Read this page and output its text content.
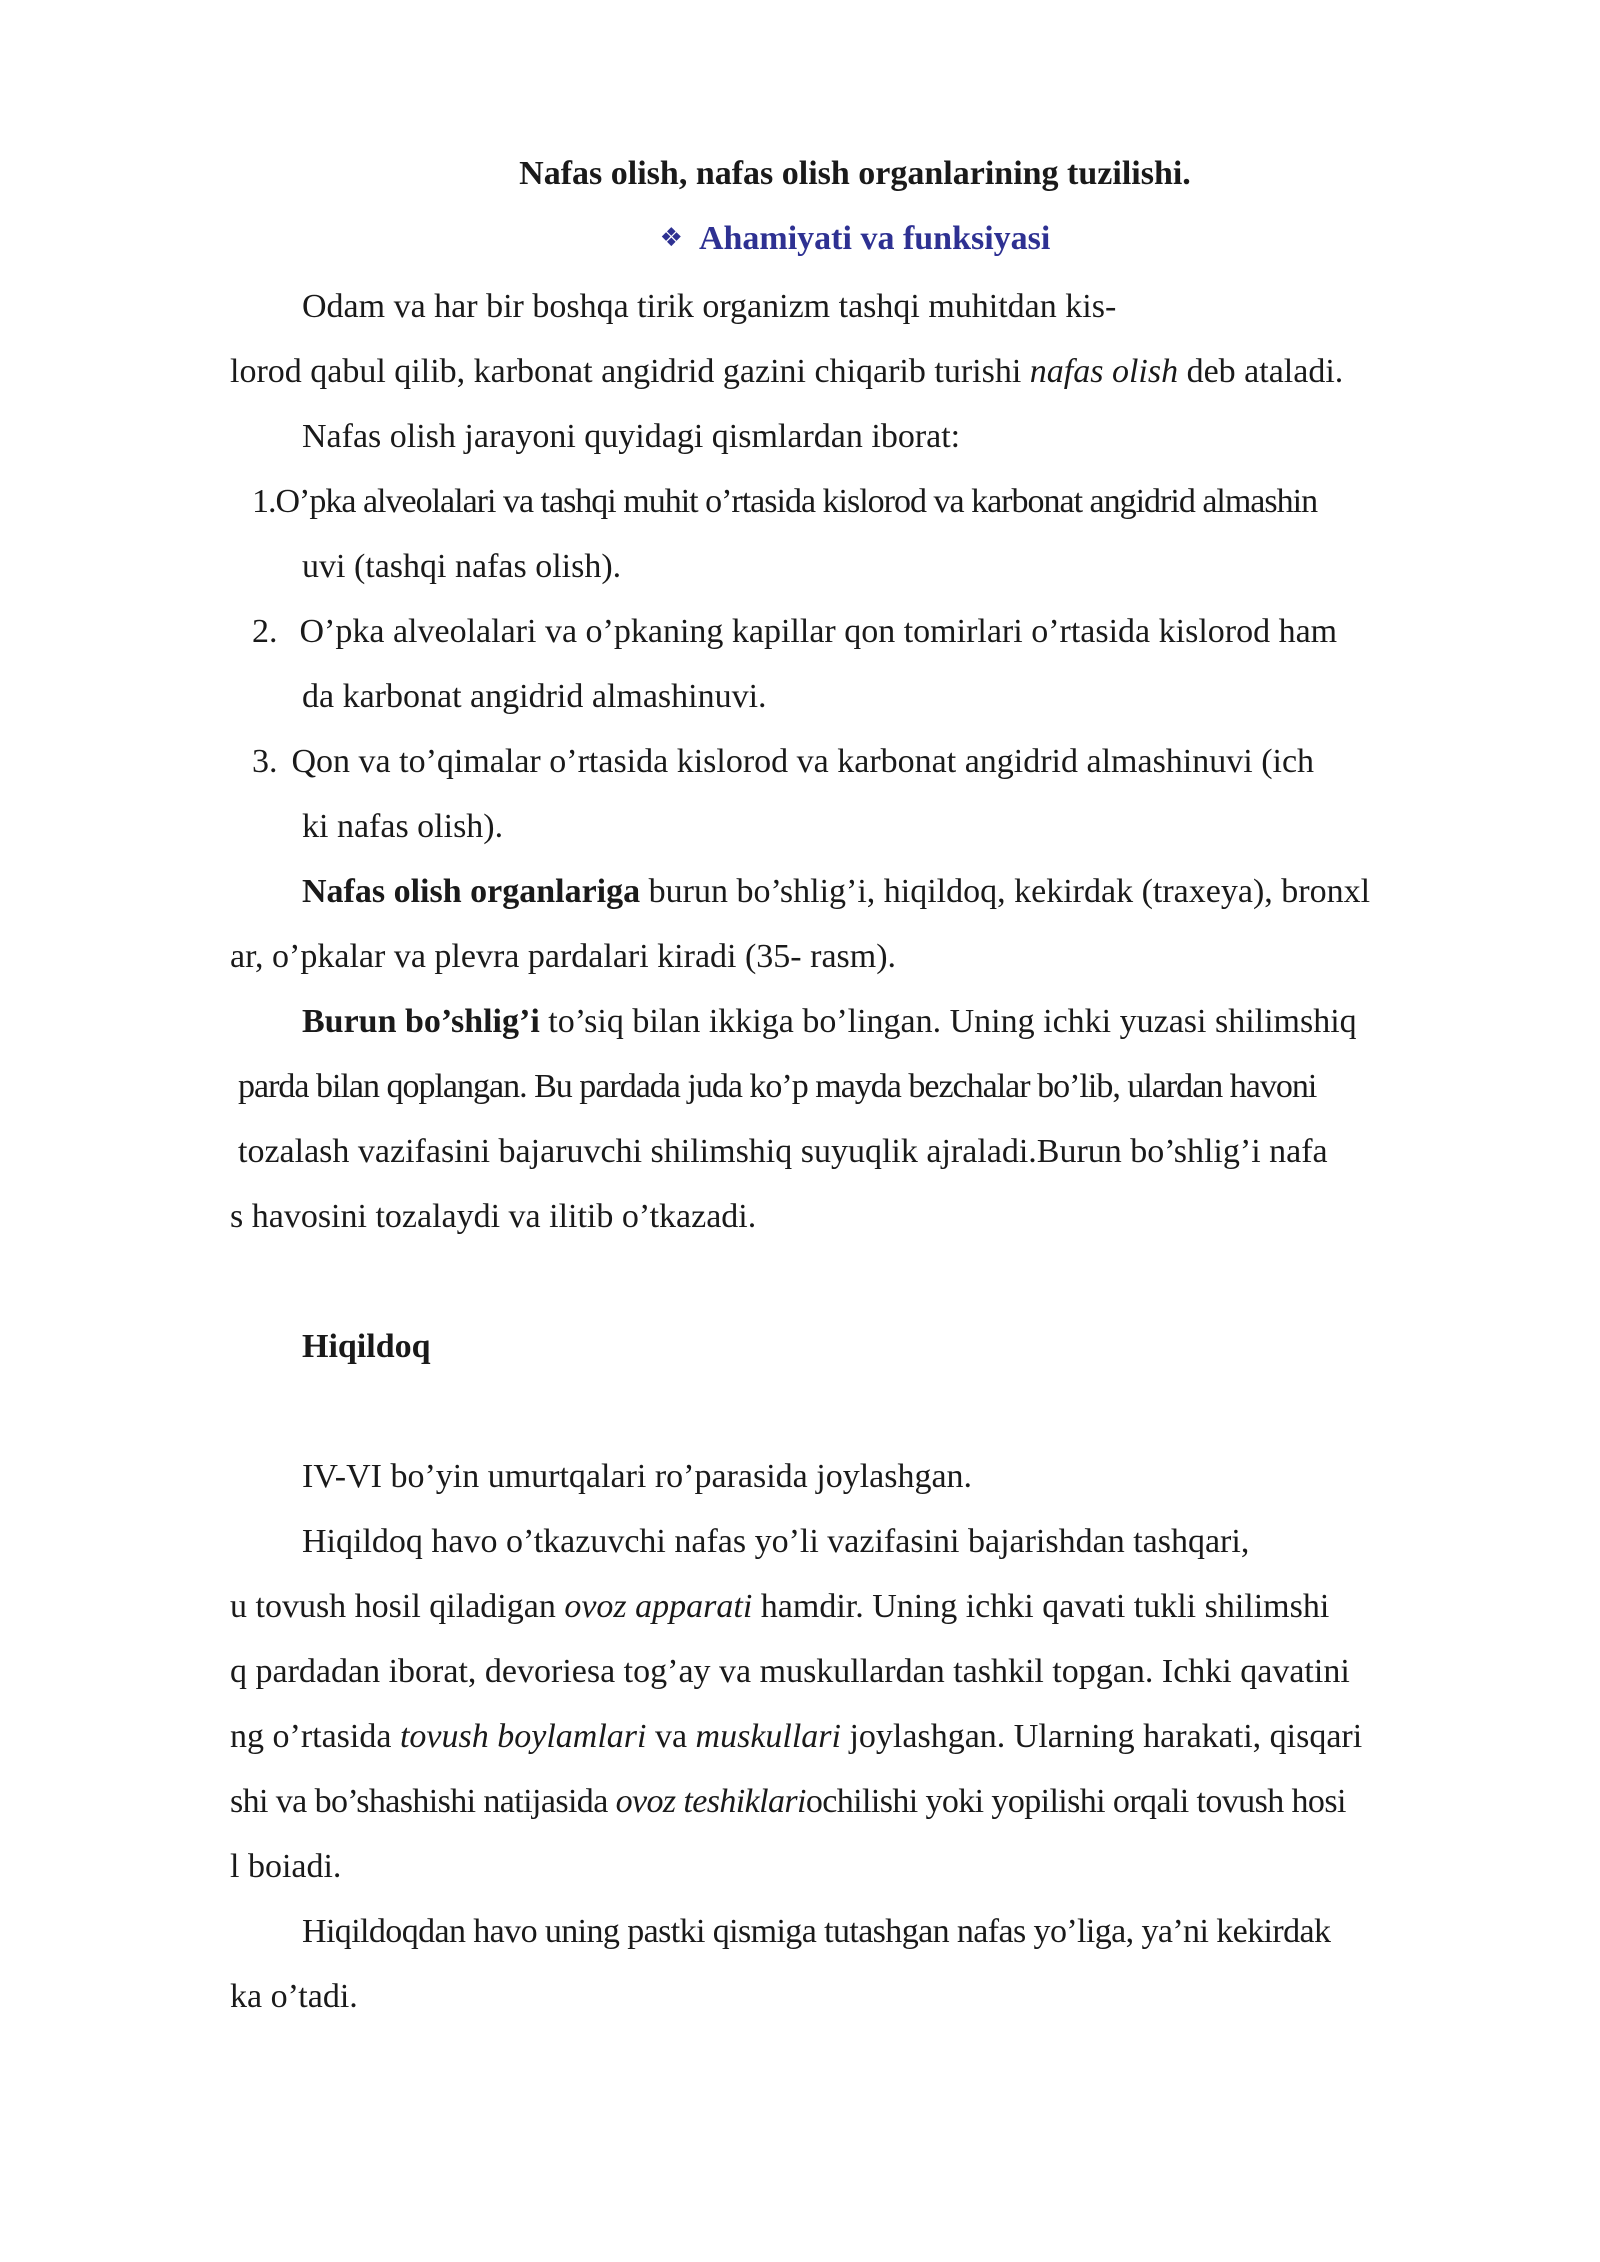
Nafas olish, nafas olish organlarining tuzilishi.
❖ Ahamiyati va funksiyasi

Odam va har bir boshqa tirik organizm tashqi muhitdan kis-

lorod qabul qilib, karbonat angidrid gazini chiqarib turishi nafas olish deb ataladi.

Nafas olish jarayoni quyidagi qismlardan iborat:

1.O’pka alveolalari va tashqi muhit o’rtasida kislorod va karbonat angidrid almashin

uvi (tashqi nafas olish).

2. O’pka alveolalari va o’pkaning kapillar qon tomirlari o’rtasida kislorod ham

da karbonat angidrid almashinuvi.

3. Qon va to’qimalar o’rtasida kislorod va karbonat angidrid almashinuvi (ich

ki nafas olish).

Nafas olish organlariga burun bo’shlig’i, hiqildoq, kekirdak (traxeya), bronxl

ar, o’pkalar va plevra pardalari kiradi (35- rasm).

Burun bo’shlig’i to’siq bilan ikkiga bo’lingan. Uning ichki yuzasi shilimshiq

parda bilan qoplangan. Bu pardada juda ko’p mayda bezchalar bo’lib, ulardan havoni

tozalash vazifasini bajaruvchi shilimshiq suyuqlik ajraladi.Burun bo’shlig’i nafa

s havosini tozalaydi va ilitib o’tkazadi.

Hiqildoq

IV-VI bo’yin umurtqalari ro’parasida joylashgan.

Hiqildoq havo o’tkazuvchi nafas yo’li vazifasini bajarishdan tashqari,

u tovush hosil qiladigan ovoz apparati hamdir. Uning ichki qavati tukli shilimshi

q pardadan iborat, devoriesa tog’ay va muskullardan tashkil topgan. Ichki qavatini

ng o’rtasida tovush boylamlari va muskullari joylashgan. Ularning harakati, qisqari

shi va bo’shashishi natijasida ovoz teshiklariochilishi yoki yopilishi orqali tovush hosi

l boiadi.

Hiqildoqdan havo uning pastki qismiga tutashgan nafas yo’liga, ya’ni kekirdak

ka o’tadi.
